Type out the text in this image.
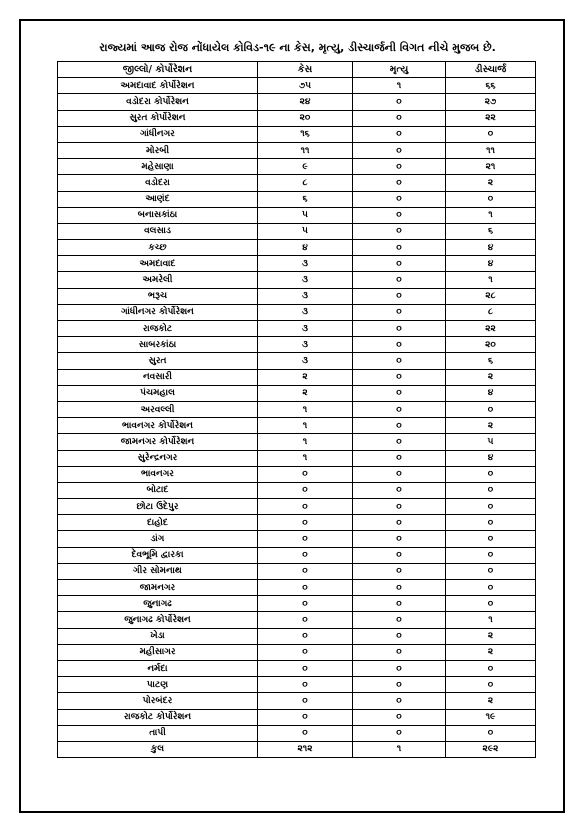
રાજ્યમાં આજ રોજ નોંધાયેલ કોવિડ-૧૯ ના કેસ, મૃત્યુ, ડીસ્ચાર્જની વિગત નીચે મુજબ છે.
જીલ્લો/ કોર્પોરેશન	કેસ	મૃત્યુ	ડીસ્ચાર્જ
અમદાવાદ કોર્પોરેશન	૭૫	૧	૬૬
વડોદરા કોર્પોરેશન	૨૪	૦	૨૭
સુરત કોર્પોરેશન	૨૦	૦	૨૨
ગાંધીનગર	૧૬	૦	૦
મોરબી	૧૧	૦	૧૧
મહેસાણા	૯	૦	૨૧
વડોદરા	૮	૦	૨
આણંદ	૬	૦	૦
બનાસકાંઠા	૫	૦	૧
વલસાડ	૫	૦	૬
કચ્છ	૪	૦	૪
અમદાવાદ	૩	૦	૪
અમરેલી	૩	૦	૧
ભરૂચ	૩	૦	૨૮
ગાંધીનગર કોર્પોરેશન	૩	૦	૮
રાજકોટ	૩	૦	૨૨
સાબરકાંઠા	૩	૦	૨૦
સુરત	૩	૦	૬
નવસારી	૨	૦	૨
પંચમહાલ	૨	૦	૪
અરવલ્લી	૧	૦	૦
ભાવનગર કોર્પોરેશન	૧	૦	૨
જામનગર કોર્પોરેશન	૧	૦	૫
સુરેન્દ્રનગર	૧	૦	૪
ભાવનગર	૦	૦	૦
બોટાદ	૦	૦	૦
છોટા ઉદેપુર	૦	૦	૦
દાહોદ	૦	૦	૦
ડાંગ	૦	૦	૦
દેવભૂમિ દ્વારકા	૦	૦	૦
ગીર સોમનાથ	૦	૦	૦
જામનગર	૦	૦	૦
જુનાગઢ	૦	૦	૦
જુનાગઢ કોર્પોરેશન	૦	૦	૧
ખેડા	૦	૦	૨
મહીસાગર	૦	૦	૨
નર્મદા	૦	૦	૦
પાટણ	૦	૦	૦
પોરબંદર	૦	૦	૨
રાજકોટ કોર્પોરેશન	૦	૦	૧૯
તાપી	૦	૦	૦
કુલ	૨૧૨	૧	૨૯૨
